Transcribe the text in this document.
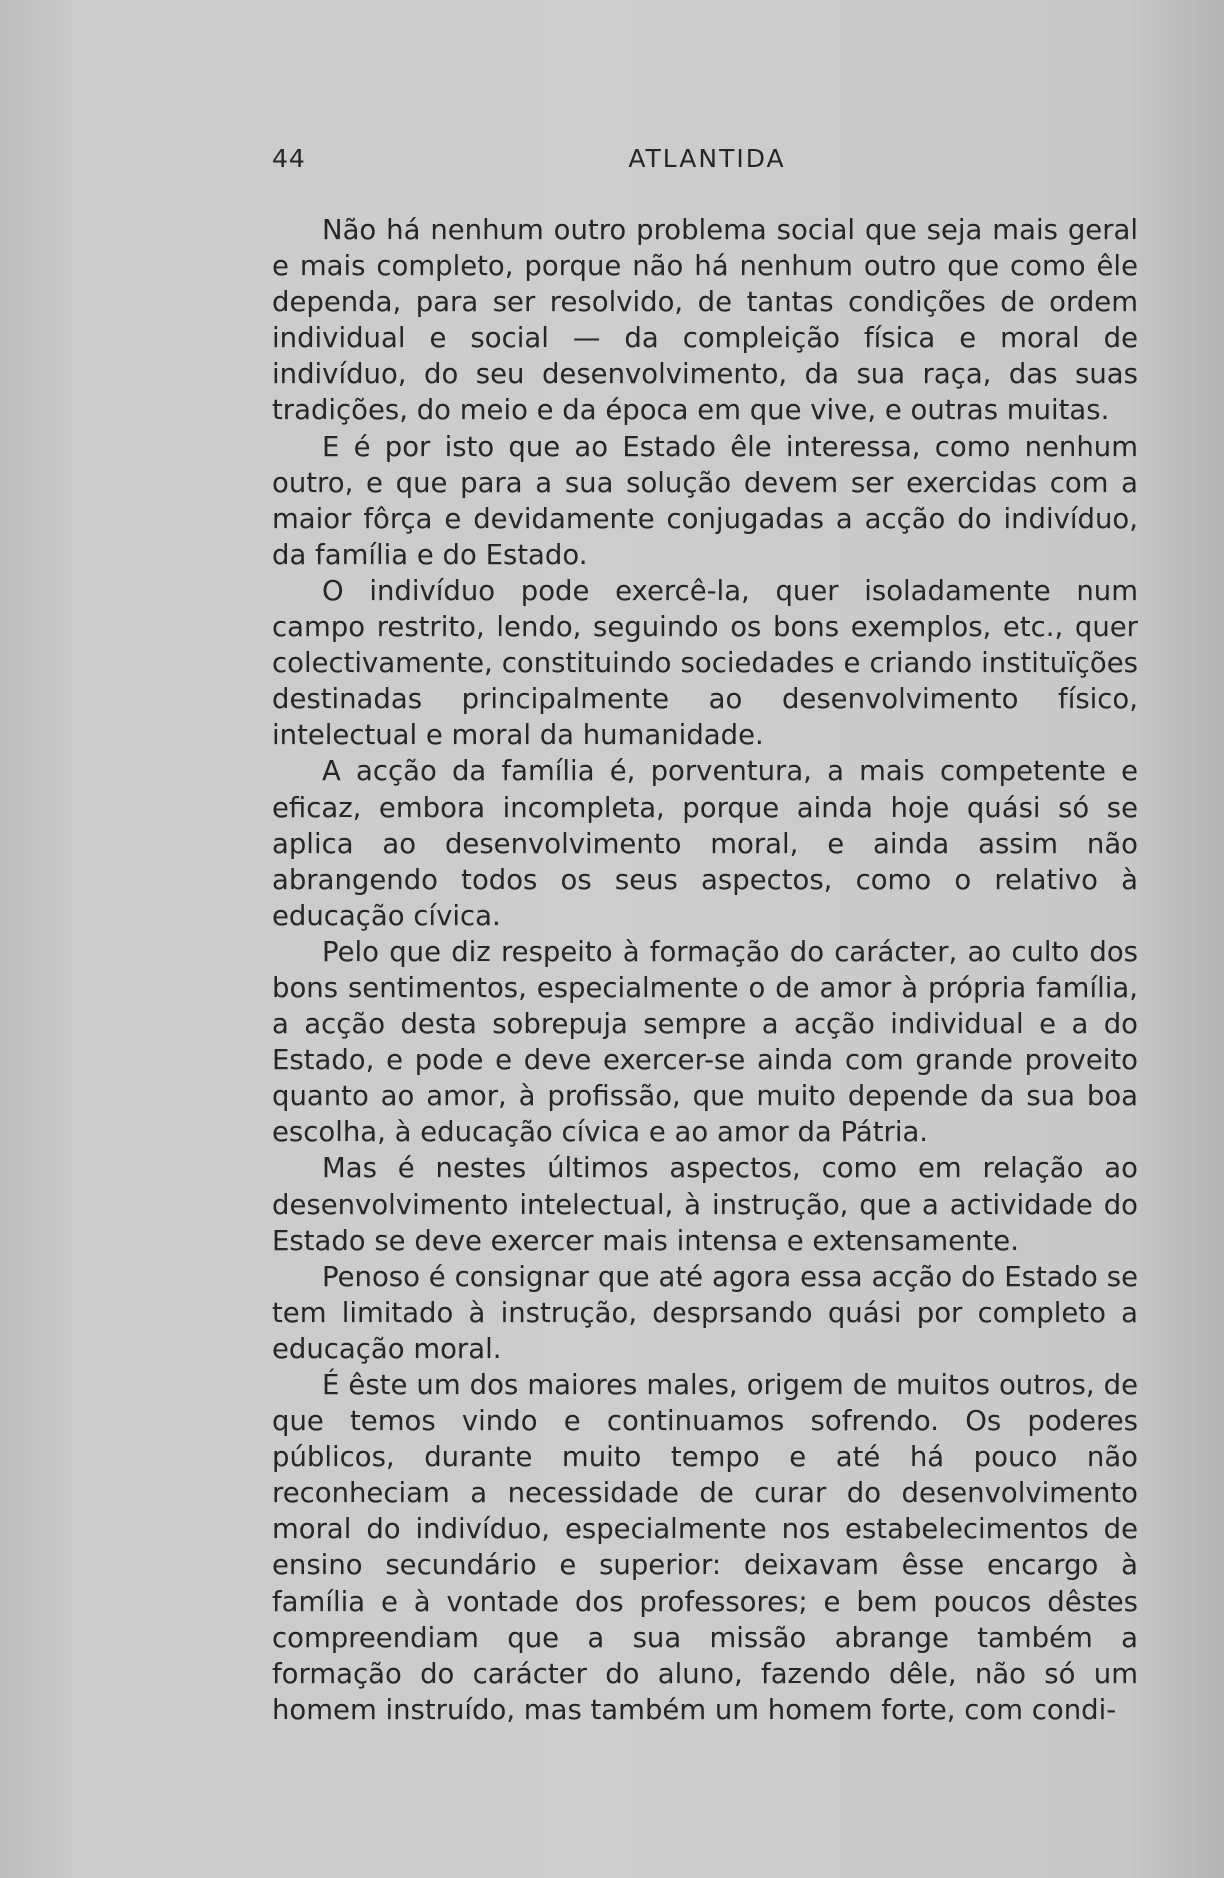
44	ATLANTIDA

Não há nenhum outro problema social que seja mais geral e mais completo, porque não há nenhum outro que como êle dependa, para ser resolvido, de tantas condições de ordem individual e social — da compleição física e moral de indivíduo, do seu desenvolvimento, da sua raça, das suas tradições, do meio e da época em que vive, e outras muitas.

E é por isto que ao Estado êle interessa, como nenhum outro, e que para a sua solução devem ser exercidas com a maior fôrça e devidamente conjugadas a acção do indivíduo, da família e do Estado.

O indivíduo pode exercê-la, quer isoladamente num campo restrito, lendo, seguindo os bons exemplos, etc., quer colectivamente, constituindo sociedades e criando instituïções destinadas principalmente ao desenvolvimento físico, intelectual e moral da humanidade.

A acção da família é, porventura, a mais competente e eficaz, embora incompleta, porque ainda hoje quási só se aplica ao desenvolvimento moral, e ainda assim não abrangendo todos os seus aspectos, como o relativo à educação cívica.

Pelo que diz respeito à formação do carácter, ao culto dos bons sentimentos, especialmente o de amor à própria família, a acção desta sobrepuja sempre a acção individual e a do Estado, e pode e deve exercer-se ainda com grande proveito quanto ao amor, à profissão, que muito depende da sua boa escolha, à educação cívica e ao amor da Pátria.

Mas é nestes últimos aspectos, como em relação ao desenvolvimento intelectual, à instrução, que a actividade do Estado se deve exercer mais intensa e extensamente.

Penoso é consignar que até agora essa acção do Estado se tem limitado à instrução, desprsando quási por completo a educação moral.

É êste um dos maiores males, origem de muitos outros, de que temos vindo e continuamos sofrendo. Os poderes públicos, durante muito tempo e até há pouco não reconheciam a necessidade de curar do desenvolvimento moral do indivíduo, especialmente nos estabelecimentos de ensino secundário e superior: deixavam êsse encargo à família e à vontade dos professores; e bem poucos dêstes compreendiam que a sua missão abrange também a formação do carácter do aluno, fazendo dêle, não só um homem instruído, mas também um homem forte, com condi-
